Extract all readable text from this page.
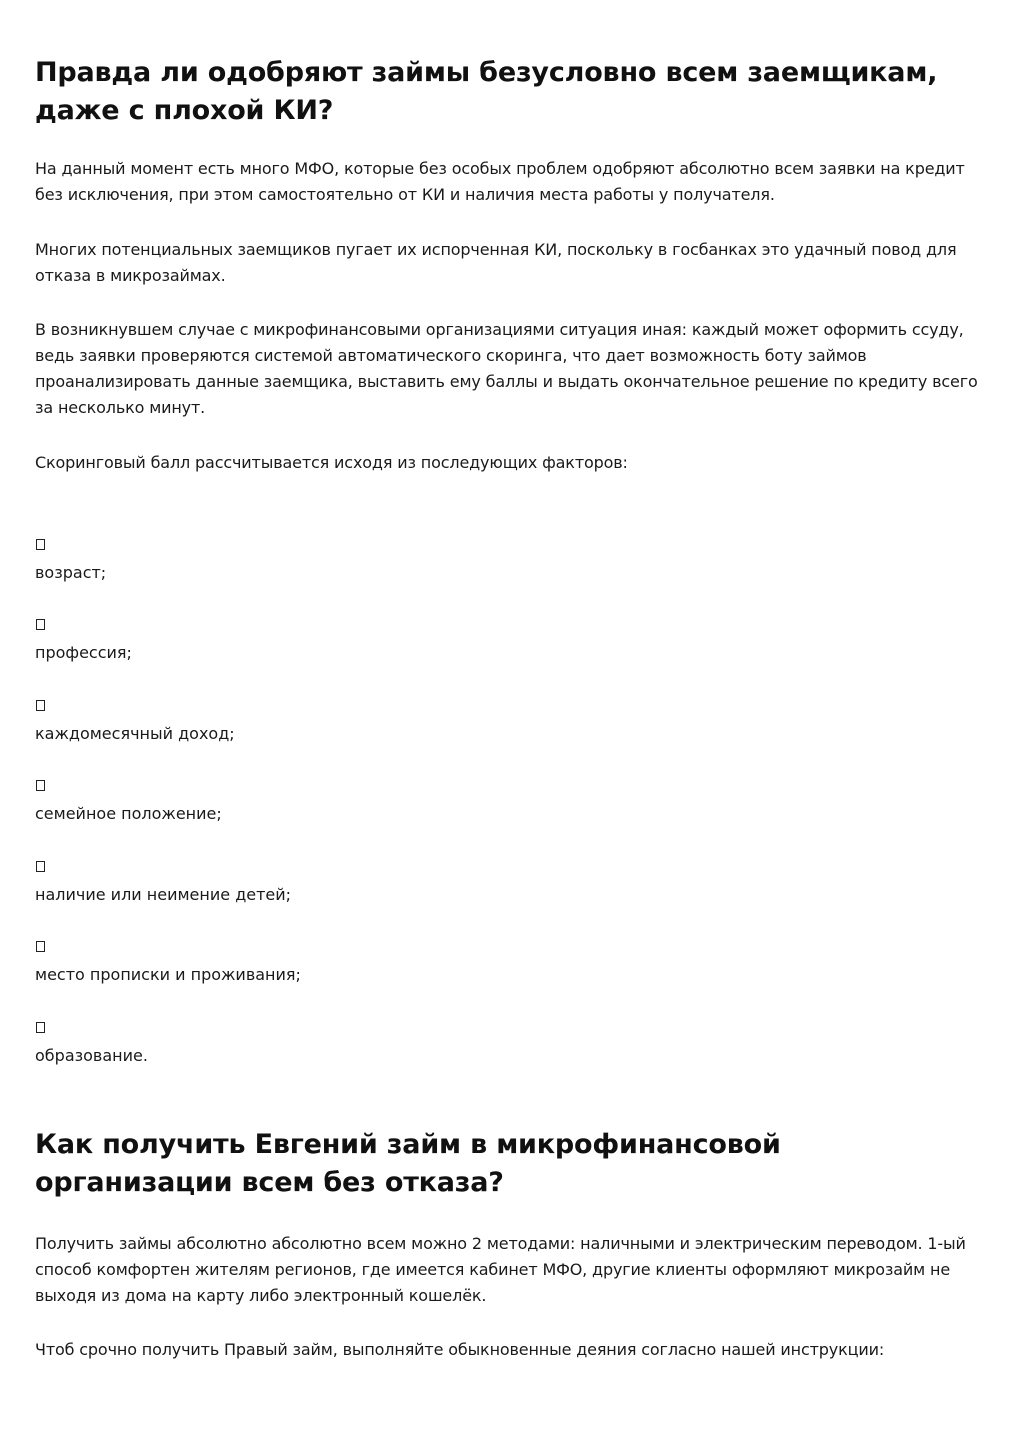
Правда ли одобряют займы безусловно всем заемщикам, даже с плохой КИ?

На данный момент есть много МФО, которые без особых проблем одобряют абсолютно всем заявки на кредит без исключения, при этом самостоятельно от КИ и наличия места работы у получателя.

Многих потенциальных заемщиков пугает их испорченная КИ, поскольку в госбанках это удачный повод для отказа в микрозаймах.

В возникнувшем случае с микрофинансовыми организациями ситуация иная: каждый может оформить ссуду, ведь заявки проверяются системой автоматического скоринга, что дает возможность боту займов проанализировать данные заемщика, выставить ему баллы и выдать окончательное решение по кредиту всего за несколько минут.

Скоринговый балл рассчитывается исходя из последующих факторов:

возраст;
профессия;
каждомесячный доход;
семейное положение;
наличие или неимение детей;
место прописки и проживания;
образование.
Как получить Евгений займ в микрофинансовой организации всем без отказа?

Получить займы абсолютно абсолютно всем можно 2 методами: наличными и электрическим переводом. 1-ый способ комфортен жителям регионов, где имеется кабинет МФО, другие клиенты оформляют микрозайм не выходя из дома на карту либо электронный кошелёк.

Чтоб срочно получить Правый займ, выполняйте обыкновенные деяния согласно нашей инструкции:
